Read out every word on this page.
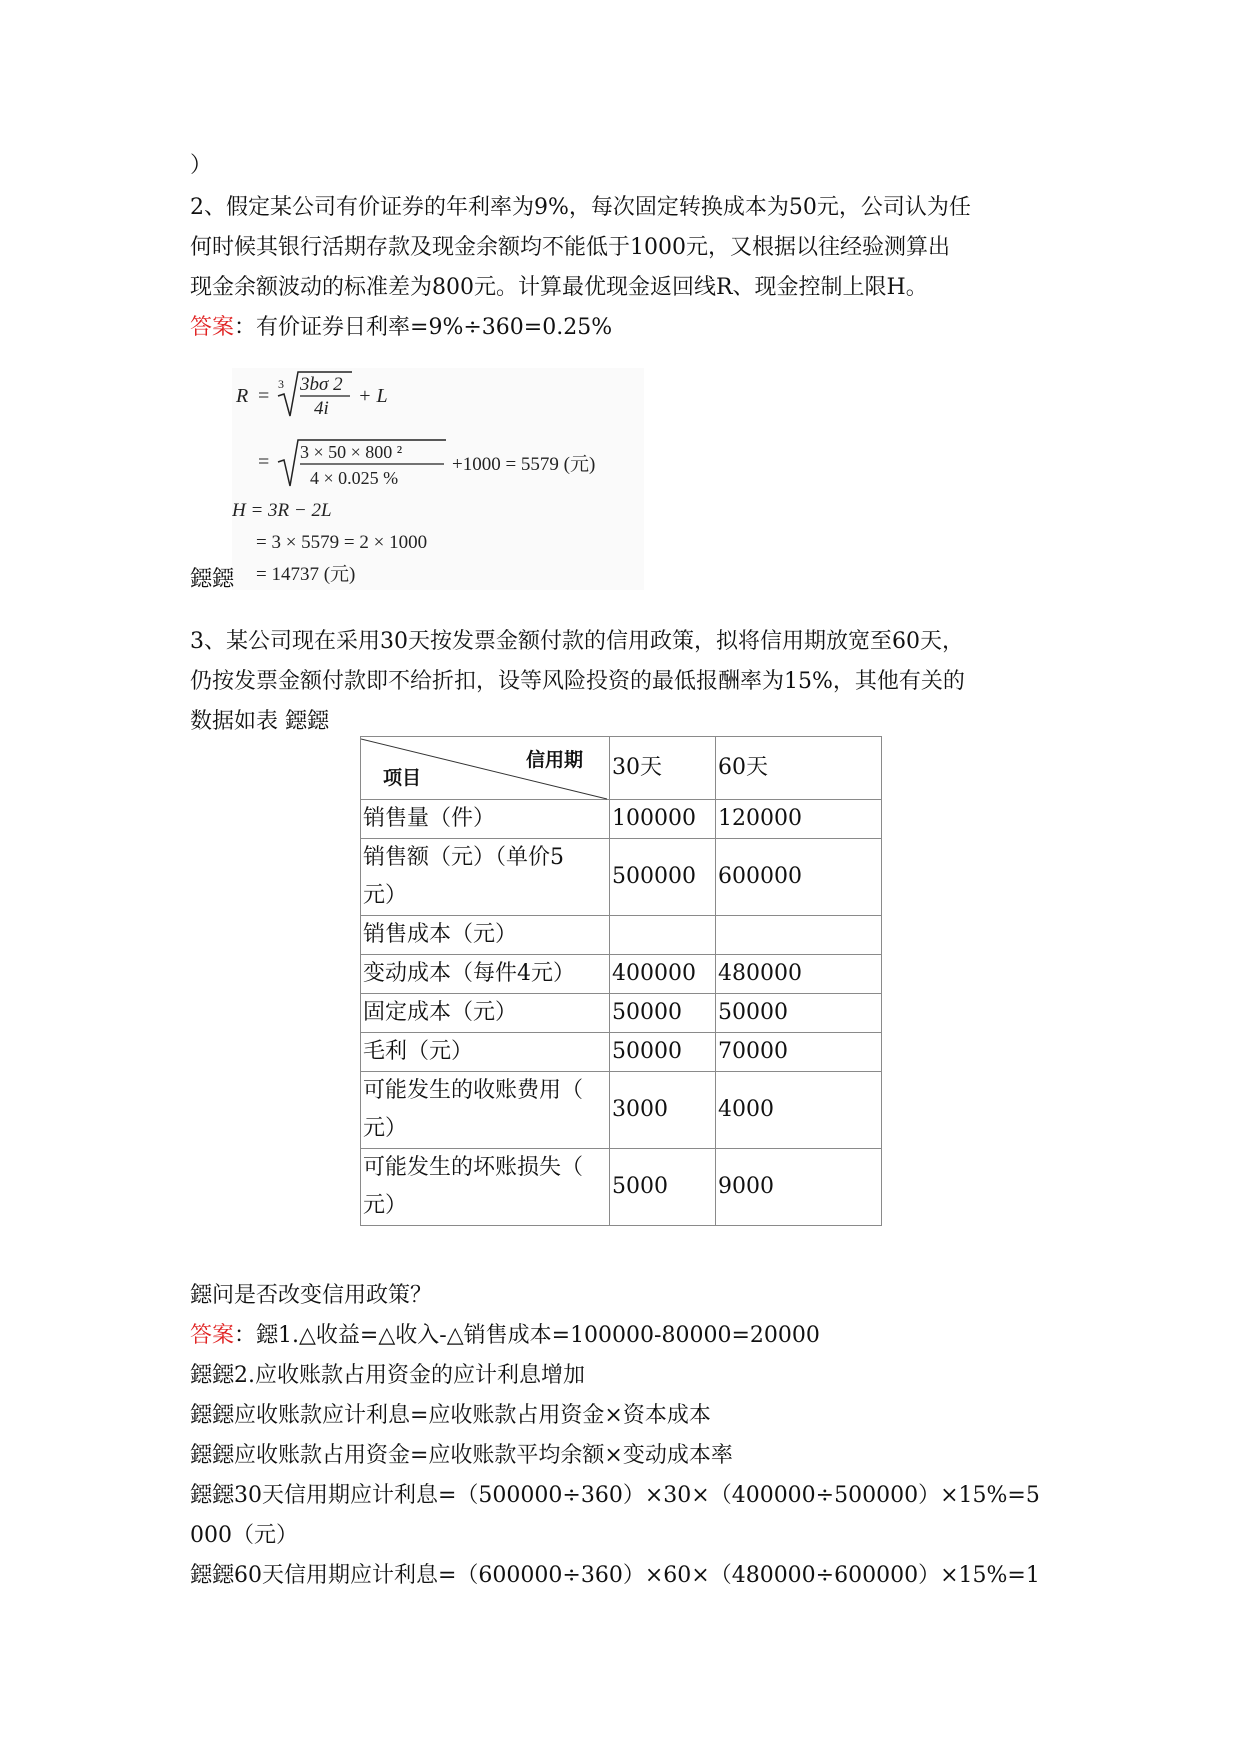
）
2、假定某公司有价证券的年利率为9%，每次固定转换成本为50元，公司认为任
何时候其银行活期存款及现金余额均不能低于1000元，又根据以往经验测算出
现金余额波动的标准差为800元。计算最优现金返回线R、现金控制上限H。
答案：有价证券日利率=9%÷360=0.25%
R =
3 3bσ 2
4i
+ L
= 3 × 50 × 800 ²
4 × 0.025 %
+1000 = 5579 (元)
H = 3R − 2L
= 3 × 5579 = 2 × 1000
= 14737 (元)
鐚鐚
3、某公司现在采用30天按发票金额付款的信用政策，拟将信用期放宽至60天，
仍按发票金额付款即不给折扣，设等风险投资的最低报酬率为15%，其他有关的
数据如表 鐚鐚
信用期
项目	30天	60天
销售量（件）	100000	120000
销售额（元）（单价5
元）	500000	600000
销售成本（元）		
变动成本（每件4元）	400000	480000
固定成本（元）	50000	50000
毛利（元）	50000	70000
可能发生的收账费用（
元）	3000	4000
可能发生的坏账损失（
元）	5000	9000
鐚问是否改变信用政策？
答案：鐚1.△收益=△收入-△销售成本=100000-80000=20000
鐚鐚2.应收账款占用资金的应计利息增加
鐚鐚应收账款应计利息=应收账款占用资金×资本成本
鐚鐚应收账款占用资金=应收账款平均余额×变动成本率
鐚鐚30天信用期应计利息=（500000÷360）×30×（400000÷500000）×15%=5
000（元）
鐚鐚60天信用期应计利息=（600000÷360）×60×（480000÷600000）×15%=1
